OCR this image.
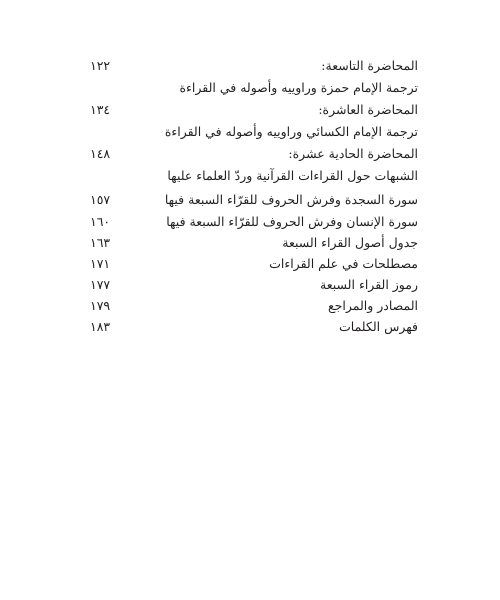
المحاضرة التاسعة:
١٢٢
ترجمة الإمام حمزة وراوييه وأصوله في القراءة
المحاضرة العاشرة:
١٣٤
ترجمة الإمام الكسائي وراوييه وأصوله في القراءة
المحاضرة الحادية عشرة:
١٤٨
الشبهات حول القراءات القرآنية وردّ العلماء عليها
سورة السجدة وفرش الحروف للقرّاء السبعة فيها
١٥٧
سورة الإنسان وفرش الحروف للقرّاء السبعة فيها
١٦٠
جدول أصول القراء السبعة
١٦٣
مصطلحات في علم القراءات
١٧١
رموز القراء السبعة
١٧٧
المصادر والمراجع
١٧٩
فهرس الكلمات
١٨٣
